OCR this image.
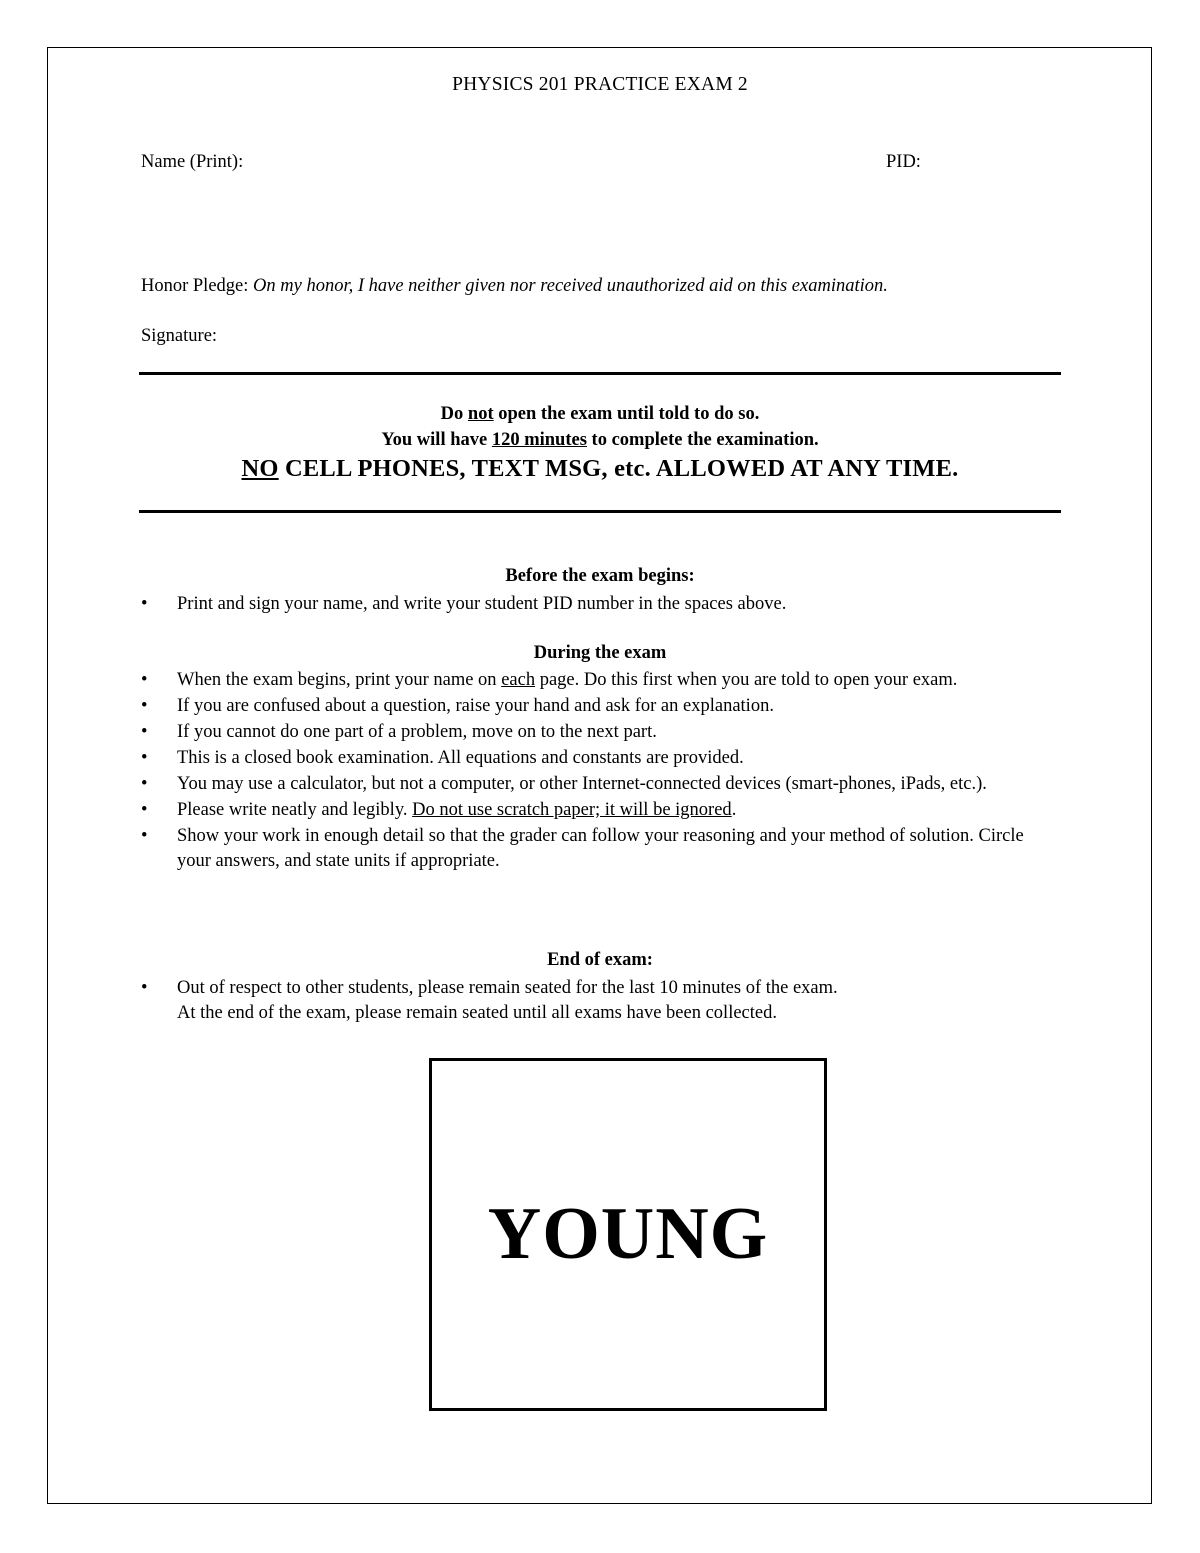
PHYSICS 201 PRACTICE EXAM 2
Name (Print):	PID:
Honor Pledge: On my honor, I have neither given nor received unauthorized aid on this examination.
Signature:
Do not open the exam until told to do so.
You will have 120 minutes to complete the examination.
NO CELL PHONES, TEXT MSG, etc. ALLOWED AT ANY TIME.
Before the exam begins:
• Print and sign your name, and write your student PID number in the spaces above.
During the exam
• When the exam begins, print your name on each page. Do this first when you are told to open your exam.
• If you are confused about a question, raise your hand and ask for an explanation.
• If you cannot do one part of a problem, move on to the next part.
• This is a closed book examination. All equations and constants are provided.
• You may use a calculator, but not a computer, or other Internet-connected devices (smart-phones, iPads, etc.).
• Please write neatly and legibly. Do not use scratch paper; it will be ignored.
• Show your work in enough detail so that the grader can follow your reasoning and your method of solution. Circle your answers, and state units if appropriate.
End of exam:
• Out of respect to other students, please remain seated for the last 10 minutes of the exam.
At the end of the exam, please remain seated until all exams have been collected.
YOUNG
